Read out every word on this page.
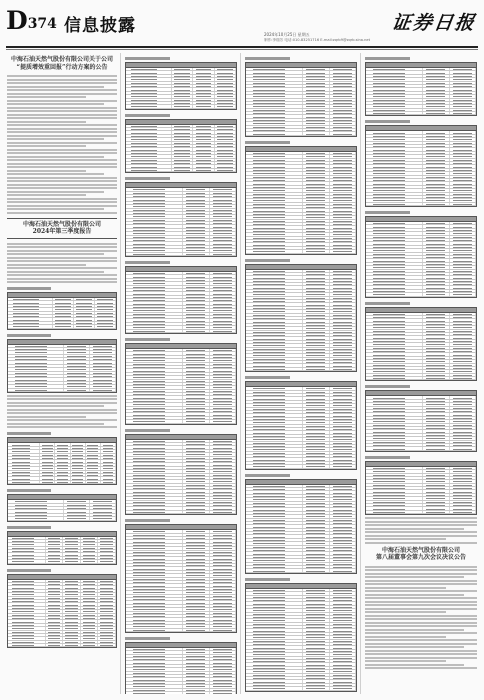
D374 信息披露	2024年10月25日 星期五
制作:李瑞芳 电话:010-83251716 E-mail:zqrb9@zqrb.sina.net
证券日报
中海石油天然气股份有限公司关于公司
“提质增效重回报”行动方案的公告
中海石油天然气股份有限公司
2024年第三季度报告
中海石油天然气股份有限公司
第八届董事会第九次会议决议公告
